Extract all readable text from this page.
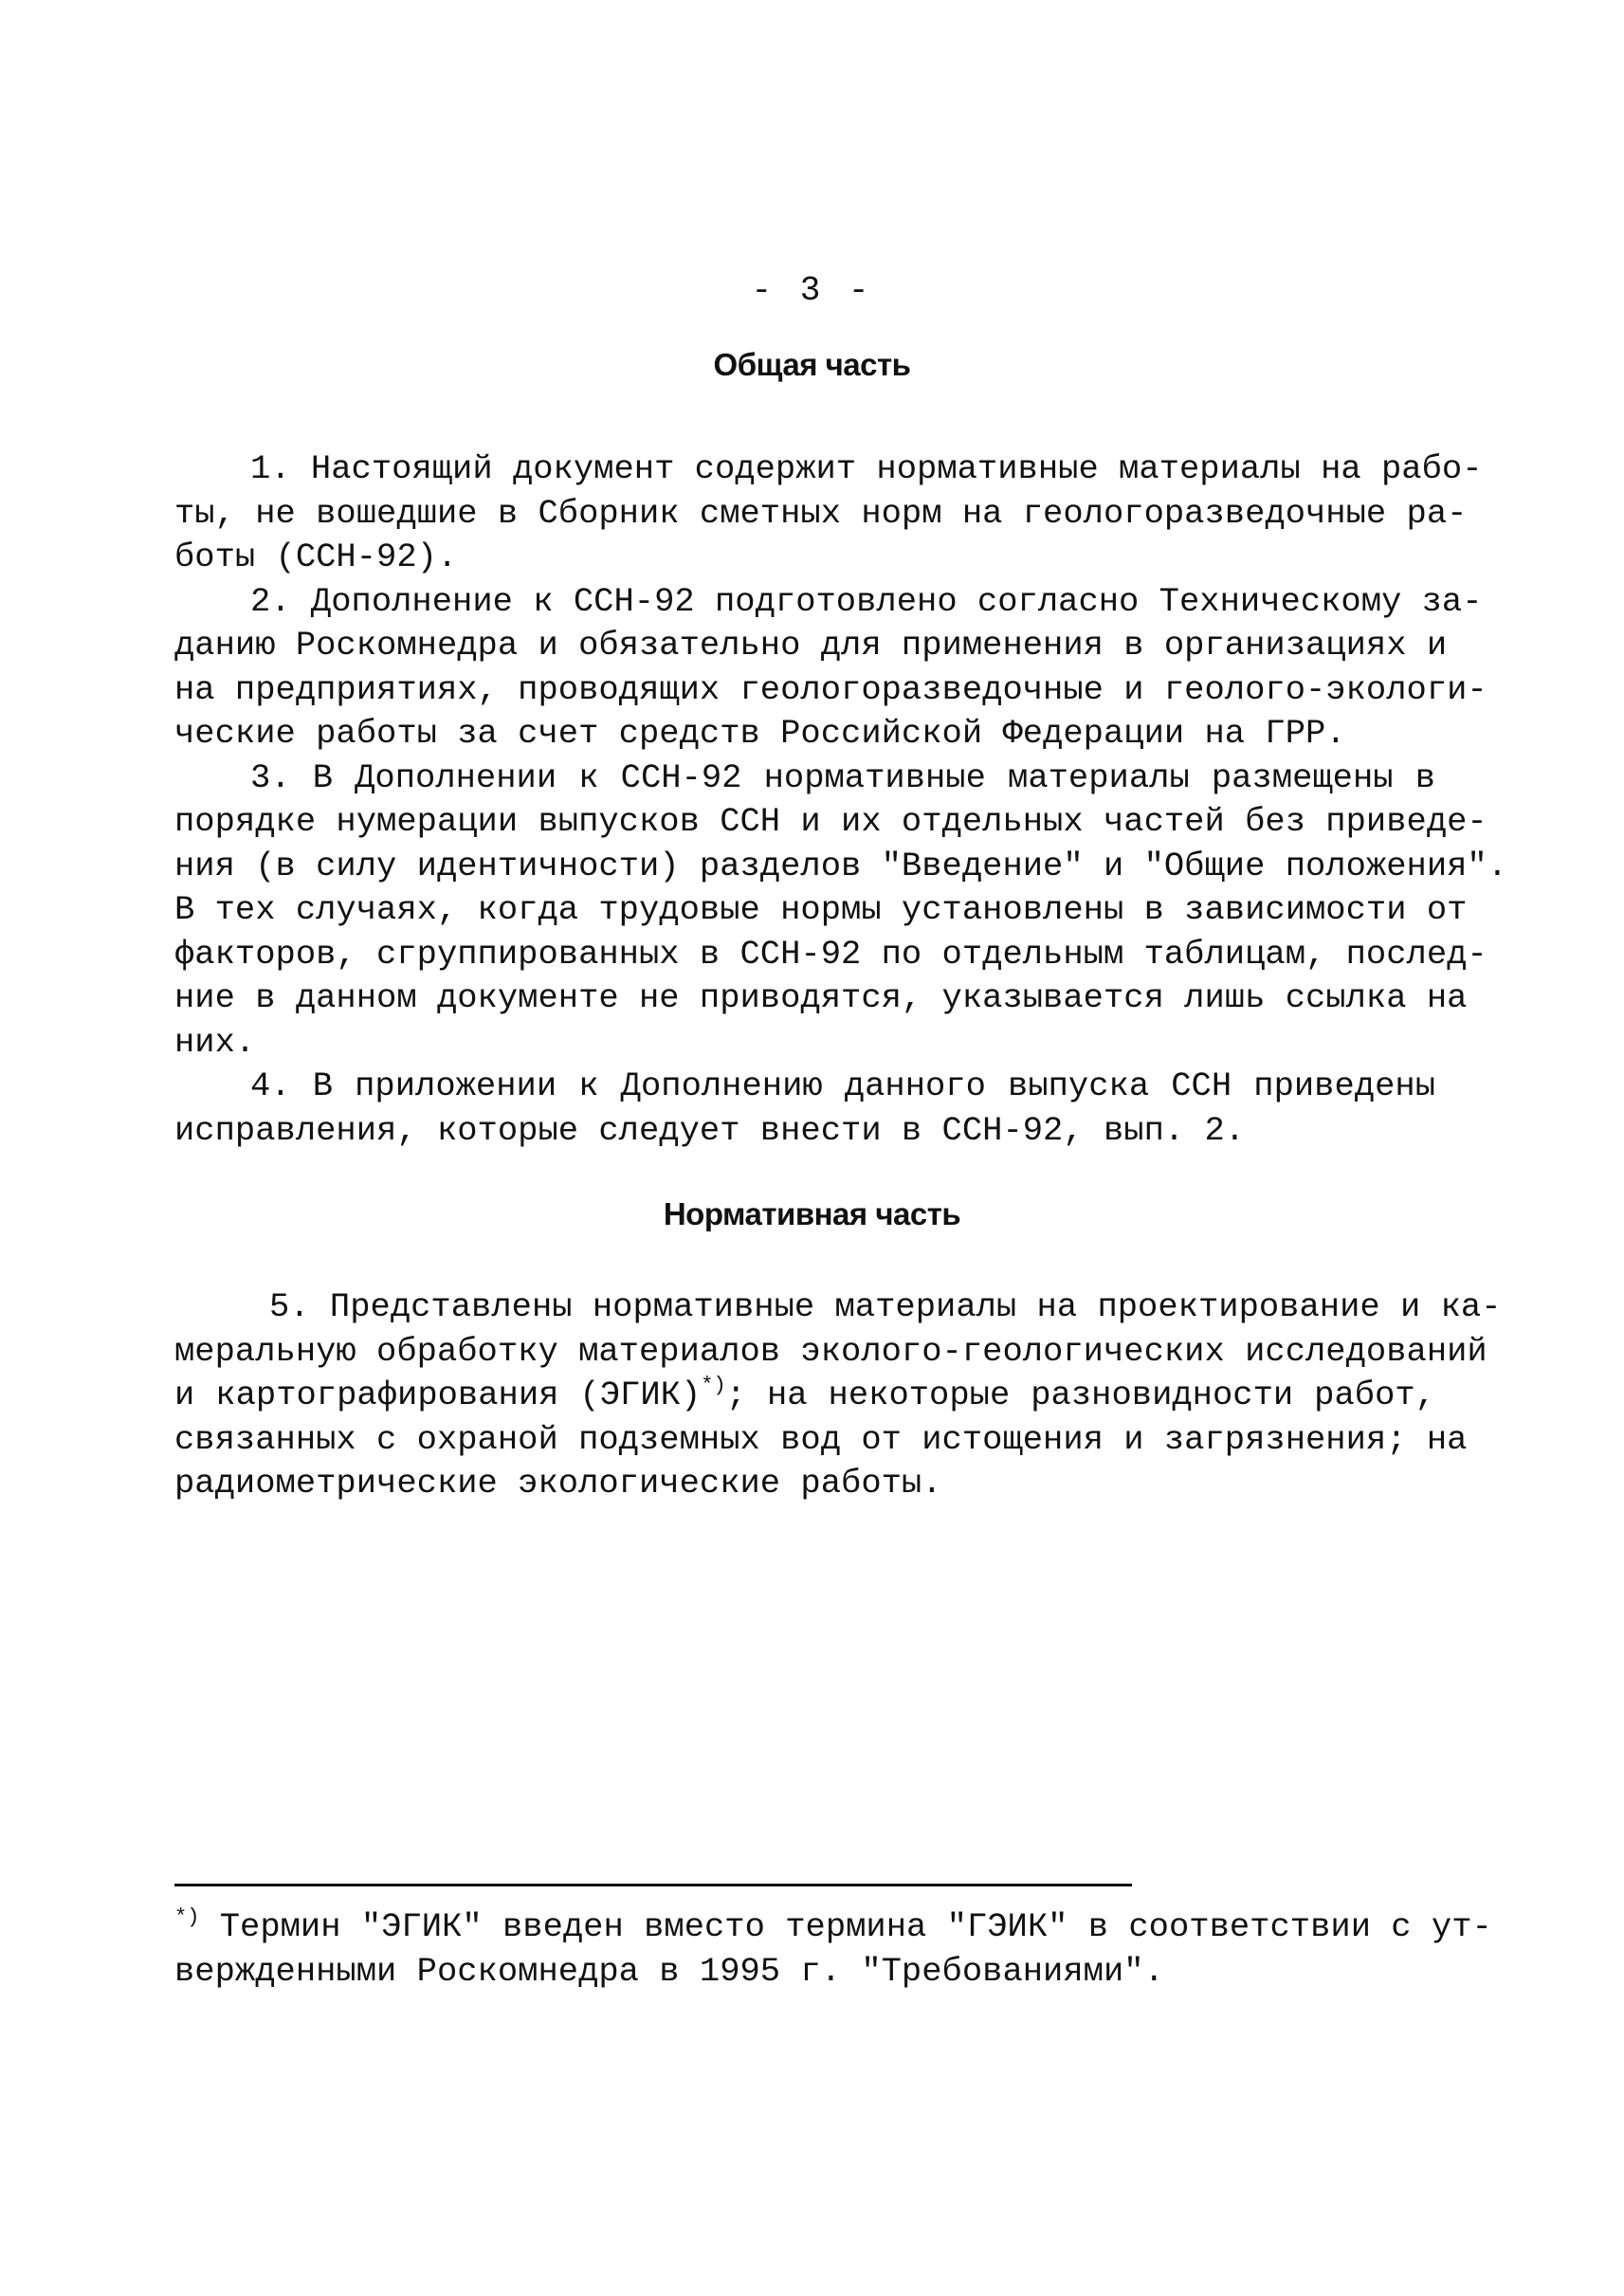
- 3 -
Общая часть
1. Настоящий документ содержит нормативные материалы на рабо-
ты, не вошедшие в Сборник сметных норм на геологоразведочные ра-
боты (ССН-92).
2. Дополнение к ССН-92 подготовлено согласно Техническому за-
данию Роскомнедра и обязательно для применения в организациях и
на предприятиях, проводящих геологоразведочные и геолого-экологи-
ческие работы за счет средств Российской Федерации на ГРР.
3. В Дополнении к ССН-92 нормативные материалы размещены в
порядке нумерации выпусков ССН и их отдельных частей без приведе-
ния (в силу идентичности) разделов "Введение" и "Общие положения".
В тех случаях, когда трудовые нормы установлены в зависимости от
факторов, сгруппированных в ССН-92 по отдельным таблицам, послед-
ние в данном документе не приводятся, указывается лишь ссылка на
них.
4. В приложении к Дополнению данного выпуска ССН приведены
исправления, которые следует внести в ССН-92, вып. 2.
Нормативная часть
5. Представлены нормативные материалы на проектирование и ка-
меральную обработку материалов эколого-геологических исследований
и картографирования (ЭГИК)*); на некоторые разновидности работ,
связанных с охраной подземных вод от истощения и загрязнения; на
радиометрические экологические работы.
*) Термин "ЭГИК" введен вместо термина "ГЭИК" в соответствии с ут-
вержденными Роскомнедра в 1995 г. "Требованиями".
